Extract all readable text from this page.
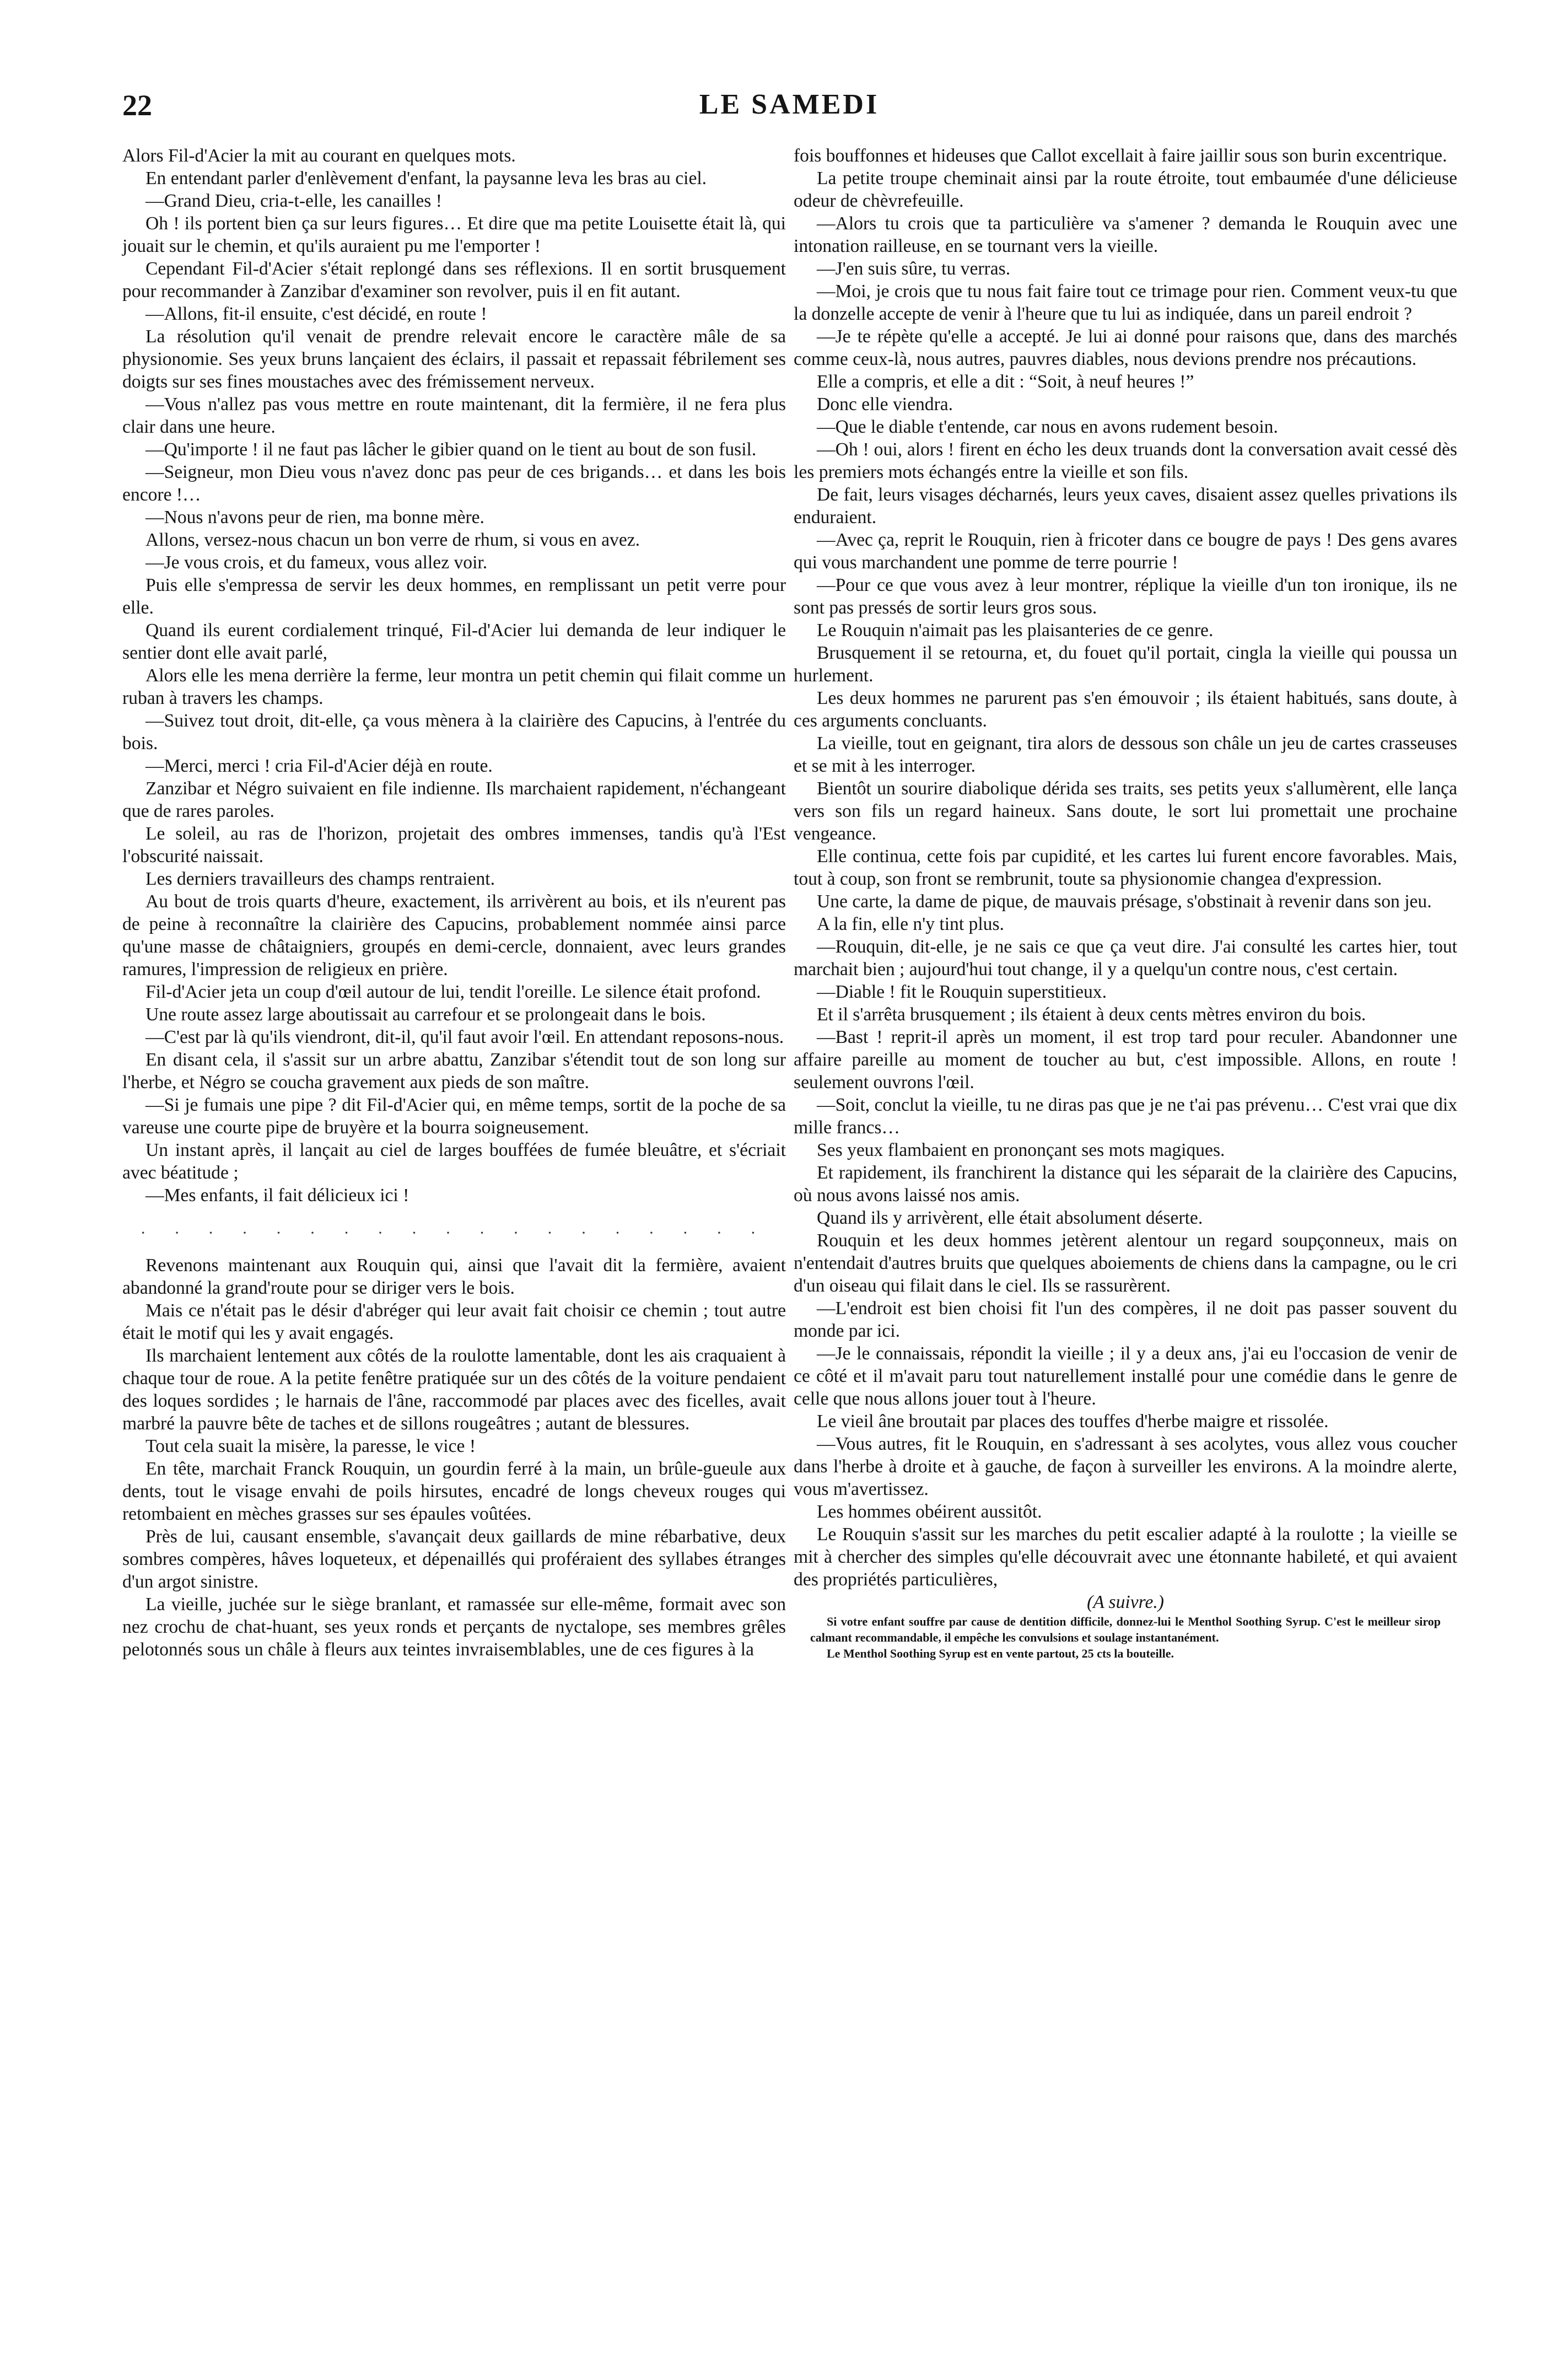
22	LE SAMEDI

Alors Fil-d'Acier la mit au courant en quelques mots.

En entendant parler d'enlèvement d'enfant, la paysanne leva les bras au ciel.

—Grand Dieu, cria-t-elle, les canailles !

Oh ! ils portent bien ça sur leurs figures… Et dire que ma petite Louisette était là, qui jouait sur le chemin, et qu'ils auraient pu me l'emporter !

Cependant Fil-d'Acier s'était replongé dans ses réflexions. Il en sortit brusquement pour recommander à Zanzibar d'examiner son revolver, puis il en fit autant.

—Allons, fit-il ensuite, c'est décidé, en route !

La résolution qu'il venait de prendre relevait encore le caractère mâle de sa physionomie. Ses yeux bruns lançaient des éclairs, il passait et repassait fébrilement ses doigts sur ses fines moustaches avec des frémissement nerveux.

—Vous n'allez pas vous mettre en route maintenant, dit la fermière, il ne fera plus clair dans une heure.

—Qu'importe ! il ne faut pas lâcher le gibier quand on le tient au bout de son fusil.

—Seigneur, mon Dieu vous n'avez donc pas peur de ces brigands… et dans les bois encore !…

—Nous n'avons peur de rien, ma bonne mère.

Allons, versez-nous chacun un bon verre de rhum, si vous en avez.

—Je vous crois, et du fameux, vous allez voir.

Puis elle s'empressa de servir les deux hommes, en remplissant un petit verre pour elle.

Quand ils eurent cordialement trinqué, Fil-d'Acier lui demanda de leur indiquer le sentier dont elle avait parlé,

Alors elle les mena derrière la ferme, leur montra un petit chemin qui filait comme un ruban à travers les champs.

—Suivez tout droit, dit-elle, ça vous mènera à la clairière des Capucins, à l'entrée du bois.

—Merci, merci ! cria Fil-d'Acier déjà en route.

Zanzibar et Négro suivaient en file indienne. Ils marchaient rapidement, n'échangeant que de rares paroles.

Le soleil, au ras de l'horizon, projetait des ombres immenses, tandis qu'à l'Est l'obscurité naissait.

Les derniers travailleurs des champs rentraient.

Au bout de trois quarts d'heure, exactement, ils arrivèrent au bois, et ils n'eurent pas de peine à reconnaître la clairière des Capucins, probablement nommée ainsi parce qu'une masse de châtaigniers, groupés en demi-cercle, donnaient, avec leurs grandes ramures, l'impression de religieux en prière.

Fil-d'Acier jeta un coup d'œil autour de lui, tendit l'oreille. Le silence était profond.

Une route assez large aboutissait au carrefour et se prolongeait dans le bois.

—C'est par là qu'ils viendront, dit-il, qu'il faut avoir l'œil. En attendant reposons-nous.

En disant cela, il s'assit sur un arbre abattu, Zanzibar s'étendit tout de son long sur l'herbe, et Négro se coucha gravement aux pieds de son maître.

—Si je fumais une pipe ? dit Fil-d'Acier qui, en même temps, sortit de la poche de sa vareuse une courte pipe de bruyère et la bourra soigneusement.

Un instant après, il lançait au ciel de larges bouffées de fumée bleuâtre, et s'écriait avec béatitude ;

—Mes enfants, il fait délicieux ici !

· · · · · · · · · · · · · · · · · · ·

Revenons maintenant aux Rouquin qui, ainsi que l'avait dit la fermière, avaient abandonné la grand'route pour se diriger vers le bois.

Mais ce n'était pas le désir d'abréger qui leur avait fait choisir ce chemin ; tout autre était le motif qui les y avait engagés.

Ils marchaient lentement aux côtés de la roulotte lamentable, dont les ais craquaient à chaque tour de roue. A la petite fenêtre pratiquée sur un des côtés de la voiture pendaient des loques sordides ; le harnais de l'âne, raccommodé par places avec des ficelles, avait marbré la pauvre bête de taches et de sillons rougeâtres ; autant de blessures.

Tout cela suait la misère, la paresse, le vice !

En tête, marchait Franck Rouquin, un gourdin ferré à la main, un brûle-gueule aux dents, tout le visage envahi de poils hirsutes, encadré de longs cheveux rouges qui retombaient en mèches grasses sur ses épaules voûtées.

Près de lui, causant ensemble, s'avançait deux gaillards de mine rébarbative, deux sombres compères, hâves loqueteux, et dépenaillés qui proféraient des syllabes étranges d'un argot sinistre.

La vieille, juchée sur le siège branlant, et ramassée sur elle-même, formait avec son nez crochu de chat-huant, ses yeux ronds et perçants de nyctalope, ses membres grêles pelotonnés sous un châle à fleurs aux teintes invraisemblables, une de ces figures à la

fois bouffonnes et hideuses que Callot excellait à faire jaillir sous son burin excentrique.

La petite troupe cheminait ainsi par la route étroite, tout embaumée d'une délicieuse odeur de chèvrefeuille.

—Alors tu crois que ta particulière va s'amener ? demanda le Rouquin avec une intonation railleuse, en se tournant vers la vieille.

—J'en suis sûre, tu verras.

—Moi, je crois que tu nous fait faire tout ce trimage pour rien. Comment veux-tu que la donzelle accepte de venir à l'heure que tu lui as indiquée, dans un pareil endroit ?

—Je te répète qu'elle a accepté. Je lui ai donné pour raisons que, dans des marchés comme ceux-là, nous autres, pauvres diables, nous devions prendre nos précautions.

Elle a compris, et elle a dit : “Soit, à neuf heures !”

Donc elle viendra.

—Que le diable t'entende, car nous en avons rudement besoin.

—Oh ! oui, alors ! firent en écho les deux truands dont la conversation avait cessé dès les premiers mots échangés entre la vieille et son fils.

De fait, leurs visages décharnés, leurs yeux caves, disaient assez quelles privations ils enduraient.

—Avec ça, reprit le Rouquin, rien à fricoter dans ce bougre de pays ! Des gens avares qui vous marchandent une pomme de terre pourrie !

—Pour ce que vous avez à leur montrer, réplique la vieille d'un ton ironique, ils ne sont pas pressés de sortir leurs gros sous.

Le Rouquin n'aimait pas les plaisanteries de ce genre.

Brusquement il se retourna, et, du fouet qu'il portait, cingla la vieille qui poussa un hurlement.

Les deux hommes ne parurent pas s'en émouvoir ; ils étaient habitués, sans doute, à ces arguments concluants.

La vieille, tout en geignant, tira alors de dessous son châle un jeu de cartes crasseuses et se mit à les interroger.

Bientôt un sourire diabolique dérida ses traits, ses petits yeux s'allumèrent, elle lança vers son fils un regard haineux. Sans doute, le sort lui promettait une prochaine vengeance.

Elle continua, cette fois par cupidité, et les cartes lui furent encore favorables. Mais, tout à coup, son front se rembrunit, toute sa physionomie changea d'expression.

Une carte, la dame de pique, de mauvais présage, s'obstinait à revenir dans son jeu.

A la fin, elle n'y tint plus.

—Rouquin, dit-elle, je ne sais ce que ça veut dire. J'ai consulté les cartes hier, tout marchait bien ; aujourd'hui tout change, il y a quelqu'un contre nous, c'est certain.

—Diable ! fit le Rouquin superstitieux.

Et il s'arrêta brusquement ; ils étaient à deux cents mètres environ du bois.

—Bast ! reprit-il après un moment, il est trop tard pour reculer. Abandonner une affaire pareille au moment de toucher au but, c'est impossible. Allons, en route ! seulement ouvrons l'œil.

—Soit, conclut la vieille, tu ne diras pas que je ne t'ai pas prévenu… C'est vrai que dix mille francs…

Ses yeux flambaient en prononçant ses mots magiques.

Et rapidement, ils franchirent la distance qui les séparait de la clairière des Capucins, où nous avons laissé nos amis.

Quand ils y arrivèrent, elle était absolument déserte.

Rouquin et les deux hommes jetèrent alentour un regard soupçonneux, mais on n'entendait d'autres bruits que quelques aboiements de chiens dans la campagne, ou le cri d'un oiseau qui filait dans le ciel. Ils se rassurèrent.

—L'endroit est bien choisi fit l'un des compères, il ne doit pas passer souvent du monde par ici.

—Je le connaissais, répondit la vieille ; il y a deux ans, j'ai eu l'occasion de venir de ce côté et il m'avait paru tout naturellement installé pour une comédie dans le genre de celle que nous allons jouer tout à l'heure.

Le vieil âne broutait par places des touffes d'herbe maigre et rissolée.

—Vous autres, fit le Rouquin, en s'adressant à ses acolytes, vous allez vous coucher dans l'herbe à droite et à gauche, de façon à surveiller les environs. A la moindre alerte, vous m'avertissez.

Les hommes obéirent aussitôt.

Le Rouquin s'assit sur les marches du petit escalier adapté à la roulotte ; la vieille se mit à chercher des simples qu'elle découvrait avec une étonnante habileté, et qui avaient des propriétés particulières,

(A suivre.)

Si votre enfant souffre par cause de dentition difficile, donnez-lui le Menthol Soothing Syrup. C'est le meilleur sirop calmant recommandable, il empêche les convulsions et soulage instantanément.

Le Menthol Soothing Syrup est en vente partout, 25 cts la bouteille.
